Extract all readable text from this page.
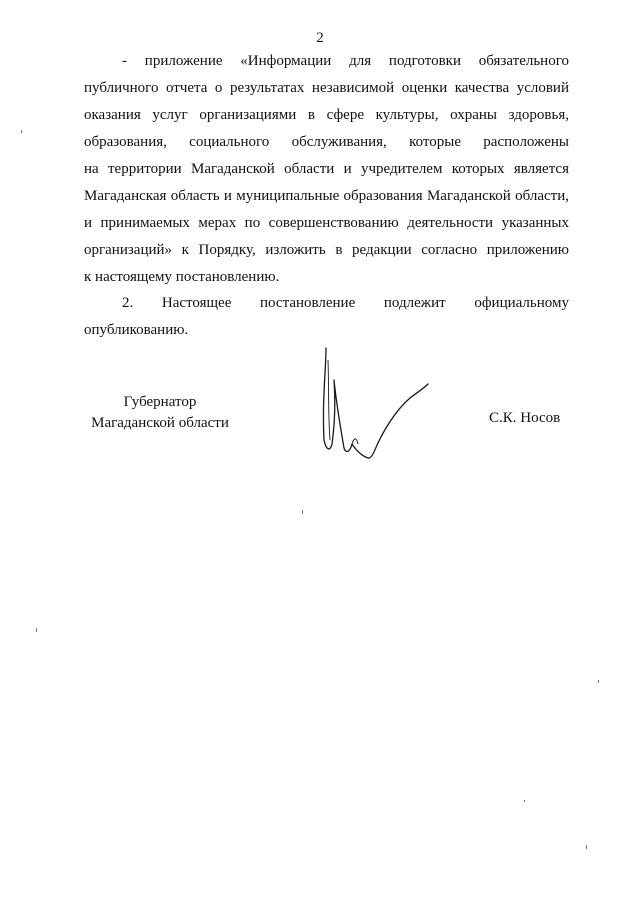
2
- приложение «Информации для подготовки обязательного
публичного отчета о результатах независимой оценки качества условий
оказания услуг организациями в сфере культуры, охраны здоровья,
образования, социального обслуживания, которые расположены
на территории Магаданской области и учредителем которых является
Магаданская область и муниципальные образования Магаданской области,
и принимаемых мерах по совершенствованию деятельности указанных
организаций» к Порядку, изложить в редакции согласно приложению
к настоящему постановлению.
2. Настоящее постановление подлежит официальному
опубликованию.
Губернатор
Магаданской области	С.К. Носов
